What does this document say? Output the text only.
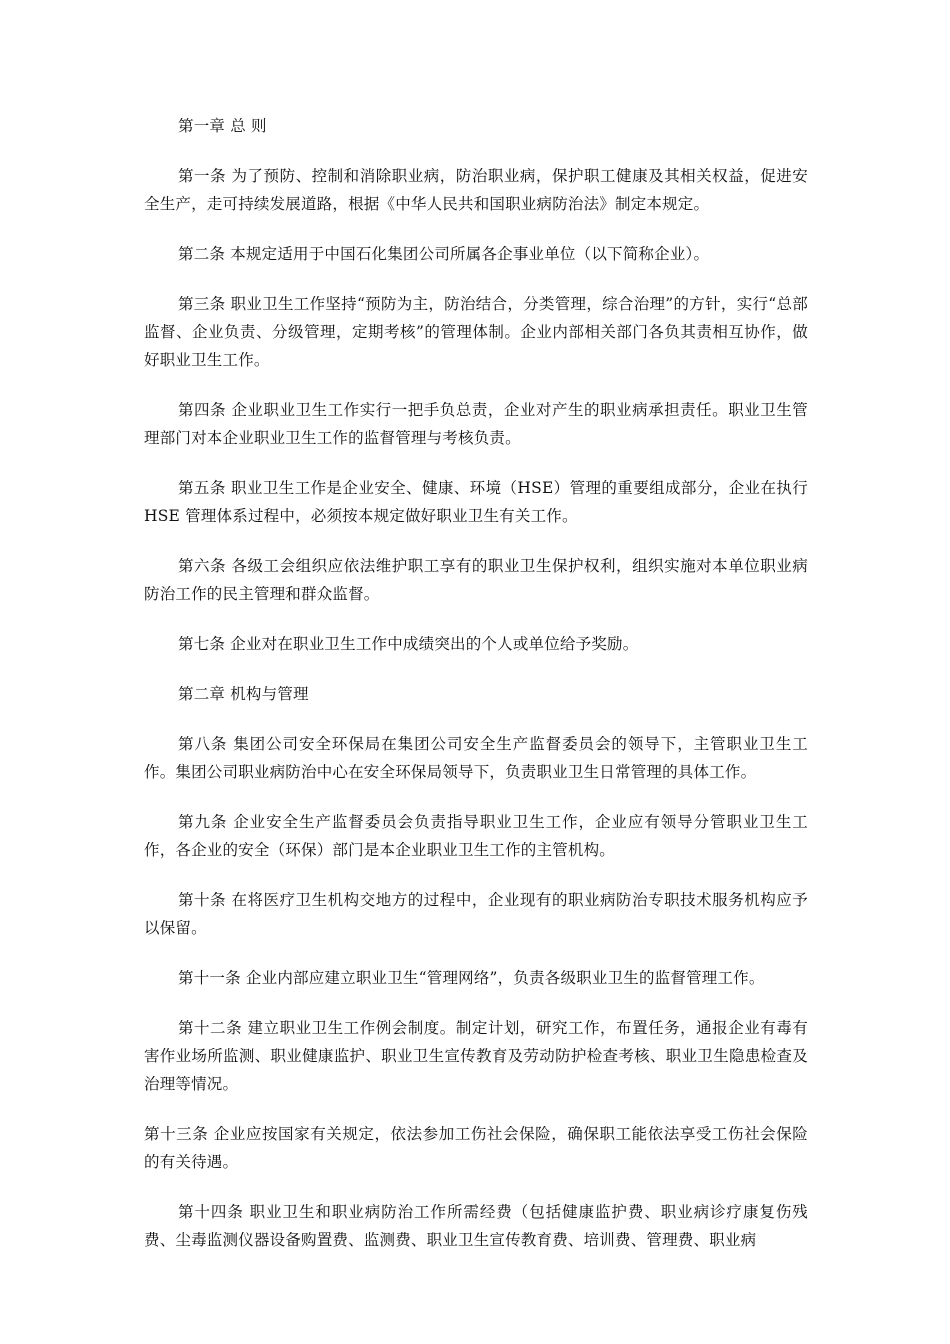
第一章 总 则

第一条 为了预防、控制和消除职业病，防治职业病，保护职工健康及其相关权益，促进安全生产，走可持续发展道路，根据《中华人民共和国职业病防治法》制定本规定。

第二条 本规定适用于中国石化集团公司所属各企事业单位（以下简称企业）。

第三条 职业卫生工作坚持“预防为主，防治结合，分类管理，综合治理”的方针，实行“总部监督、企业负责、分级管理，定期考核”的管理体制。企业内部相关部门各负其责相互协作，做好职业卫生工作。

第四条 企业职业卫生工作实行一把手负总责，企业对产生的职业病承担责任。职业卫生管理部门对本企业职业卫生工作的监督管理与考核负责。

第五条 职业卫生工作是企业安全、健康、环境（HSE）管理的重要组成部分，企业在执行 HSE 管理体系过程中，必须按本规定做好职业卫生有关工作。

第六条 各级工会组织应依法维护职工享有的职业卫生保护权利，组织实施对本单位职业病防治工作的民主管理和群众监督。

第七条 企业对在职业卫生工作中成绩突出的个人或单位给予奖励。

第二章 机构与管理

第八条 集团公司安全环保局在集团公司安全生产监督委员会的领导下，主管职业卫生工作。集团公司职业病防治中心在安全环保局领导下，负责职业卫生日常管理的具体工作。

第九条 企业安全生产监督委员会负责指导职业卫生工作，企业应有领导分管职业卫生工作，各企业的安全（环保）部门是本企业职业卫生工作的主管机构。

第十条 在将医疗卫生机构交地方的过程中，企业现有的职业病防治专职技术服务机构应予以保留。

第十一条 企业内部应建立职业卫生“管理网络”，负责各级职业卫生的监督管理工作。

第十二条 建立职业卫生工作例会制度。制定计划，研究工作，布置任务，通报企业有毒有害作业场所监测、职业健康监护、职业卫生宣传教育及劳动防护检查考核、职业卫生隐患检查及治理等情况。

第十三条 企业应按国家有关规定，依法参加工伤社会保险，确保职工能依法享受工伤社会保险的有关待遇。

第十四条 职业卫生和职业病防治工作所需经费（包括健康监护费、职业病诊疗康复伤残费、尘毒监测仪器设备购置费、监测费、职业卫生宣传教育费、培训费、管理费、职业病
